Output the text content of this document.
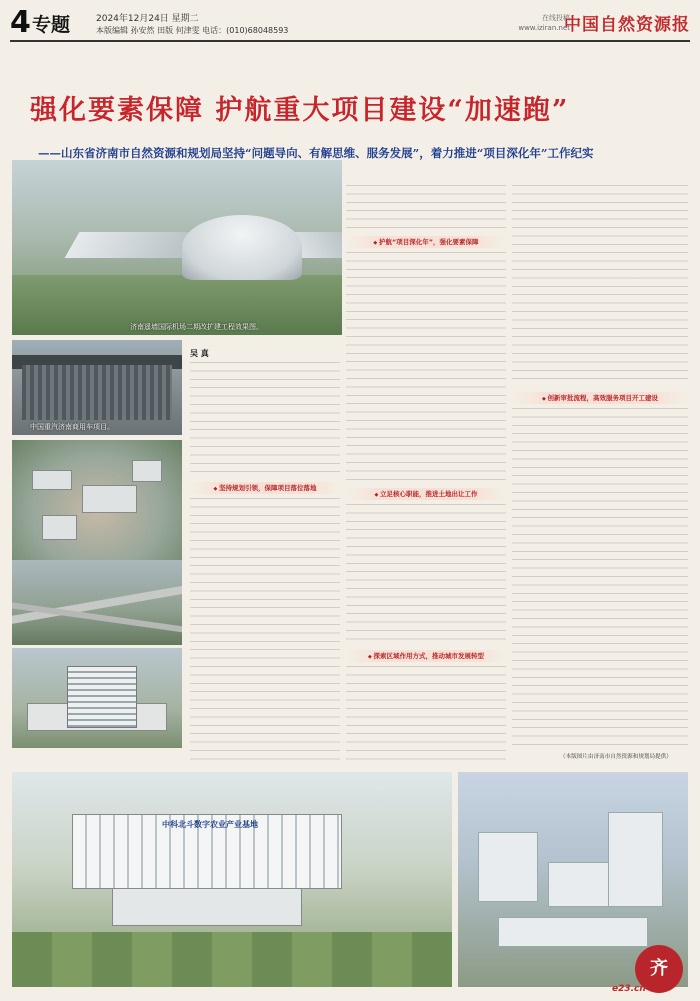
4 专题	2024年12月24日 星期二
本版编辑 孙安然 田版 何津雯 电话：(010)68048593
在线投稿
www.iziran.net
中国自然资源报
强化要素保障 护航重大项目建设“加速跑”
——山东省济南市自然资源和规划局坚持“问题导向、有解思维、服务发展”，着力推进“项目深化年”工作纪实
济南遥墙国际机场二期改扩建工程效果图。
中国重汽济南商用车项目。
吴 真
◆ 坚持规划引领，保障项目落位落地
◆ 护航“项目深化年”，强化要素保障
◆ 立足核心职能，推进土地出让工作
◆ 探索区域作用方式，推动城市发展转型
◆ 创新审批流程，高效服务项目开工建设
（本版图片由济南市自然资源和规划局提供）
中科北斗数字农业产业基地
齐
e23.cn
